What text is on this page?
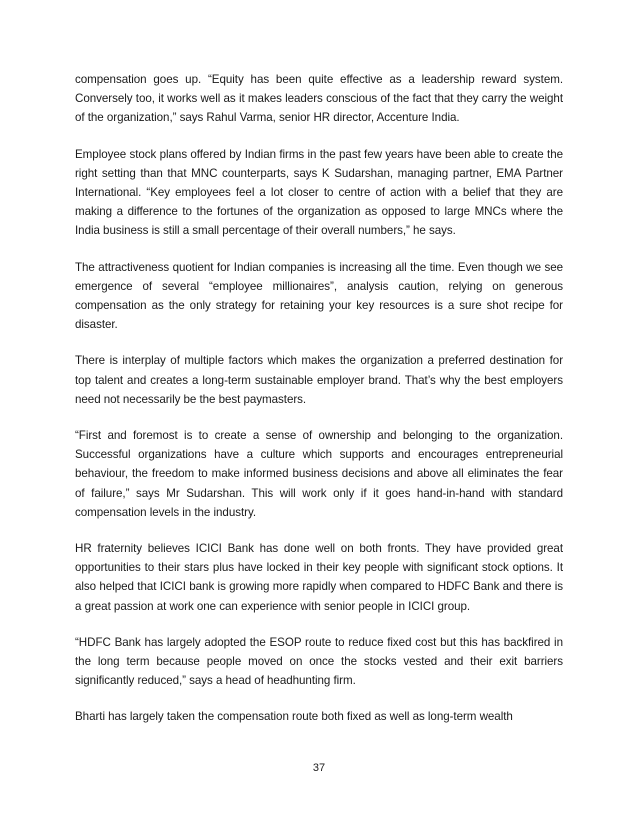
compensation goes up. “Equity has been quite effective as a leadership reward system. Conversely too, it works well as it makes leaders conscious of the fact that they carry the weight of the organization,” says Rahul Varma, senior HR director, Accenture India.

Employee stock plans offered by Indian firms in the past few years have been able to create the right setting than that MNC counterparts, says K Sudarshan, managing partner, EMA Partner International. “Key employees feel a lot closer to centre of action with a belief that they are making a difference to the fortunes of the organization as opposed to large MNCs where the India business is still a small percentage of their overall numbers,” he says.

The attractiveness quotient for Indian companies is increasing all the time. Even though we see emergence of several “employee millionaires”, analysis caution, relying on generous compensation as the only strategy for retaining your key resources is a sure shot recipe for disaster.

There is interplay of multiple factors which makes the organization a preferred destination for top talent and creates a long-term sustainable employer brand. That’s why the best employers need not necessarily be the best paymasters.

“First and foremost is to create a sense of ownership and belonging to the organization. Successful organizations have a culture which supports and encourages entrepreneurial behaviour, the freedom to make informed business decisions and above all eliminates the fear of failure,” says Mr Sudarshan. This will work only if it goes hand-in-hand with standard compensation levels in the industry.

HR fraternity believes ICICI Bank has done well on both fronts. They have provided great opportunities to their stars plus have locked in their key people with significant stock options. It also helped that ICICI bank is growing more rapidly when compared to HDFC Bank and there is a great passion at work one can experience with senior people in ICICI group.

“HDFC Bank has largely adopted the ESOP route to reduce fixed cost but this has backfired in the long term because people moved on once the stocks vested and their exit barriers significantly reduced,” says a head of headhunting firm.

Bharti has largely taken the compensation route both fixed as well as long-term wealth

37
